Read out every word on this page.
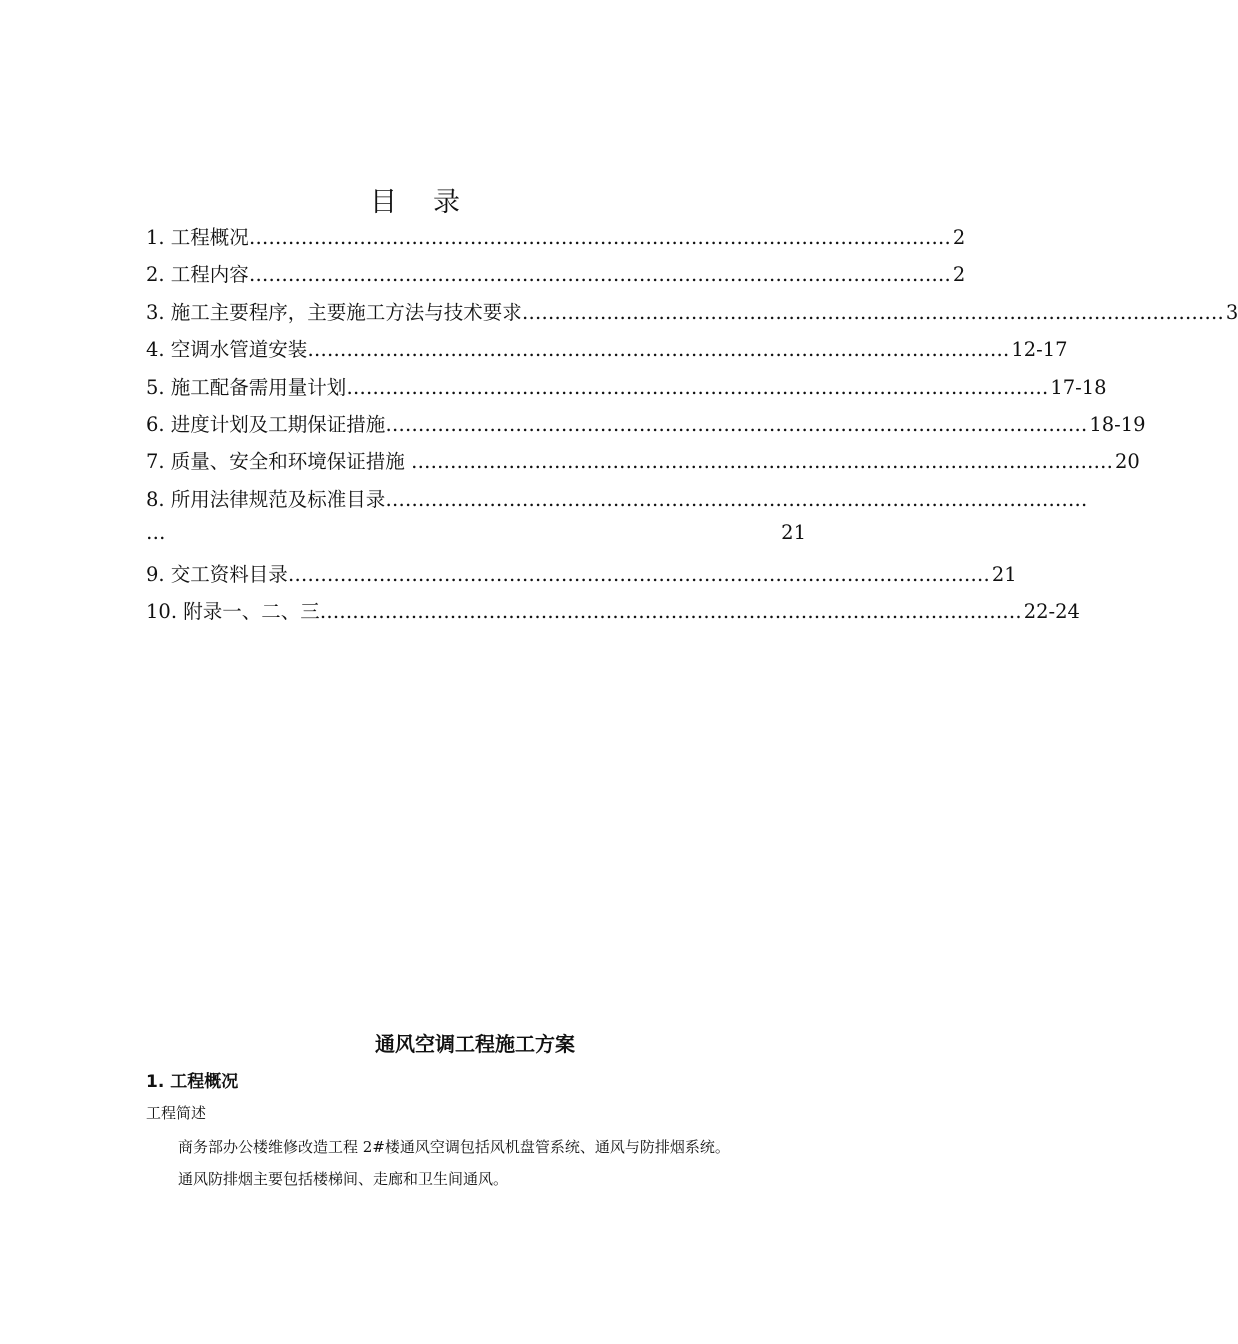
目录
1. 工程概况 ……………………………………………………………………………………………… 2
2. 工程内容 ……………………………………………………………………………………………… 2
3. 施工主要程序，主要施工方法与技术要求 ……………………………………………………………………………………………… 3
4. 空调水管道安装 ……………………………………………………………………………………………… 12-17
5. 施工配备需用量计划 ……………………………………………………………………………………………… 17-18
6. 进度计划及工期保证措施 ……………………………………………………………………………………………… 18-19
7. 质量、安全和环境保证措施 ……………………………………………………………………………………………… 20
8. 所用法律规范及标准目录 ………………………………………………………………………………………………
…	21
9. 交工资料目录 ……………………………………………………………………………………………… 21
10. 附录一、二、三 ……………………………………………………………………………………………… 22-24
通风空调工程施工方案
1. 工程概况
工程简述
商务部办公楼维修改造工程 2#楼通风空调包括风机盘管系统、通风与防排烟系统。
通风防排烟主要包括楼梯间、走廊和卫生间通风。
